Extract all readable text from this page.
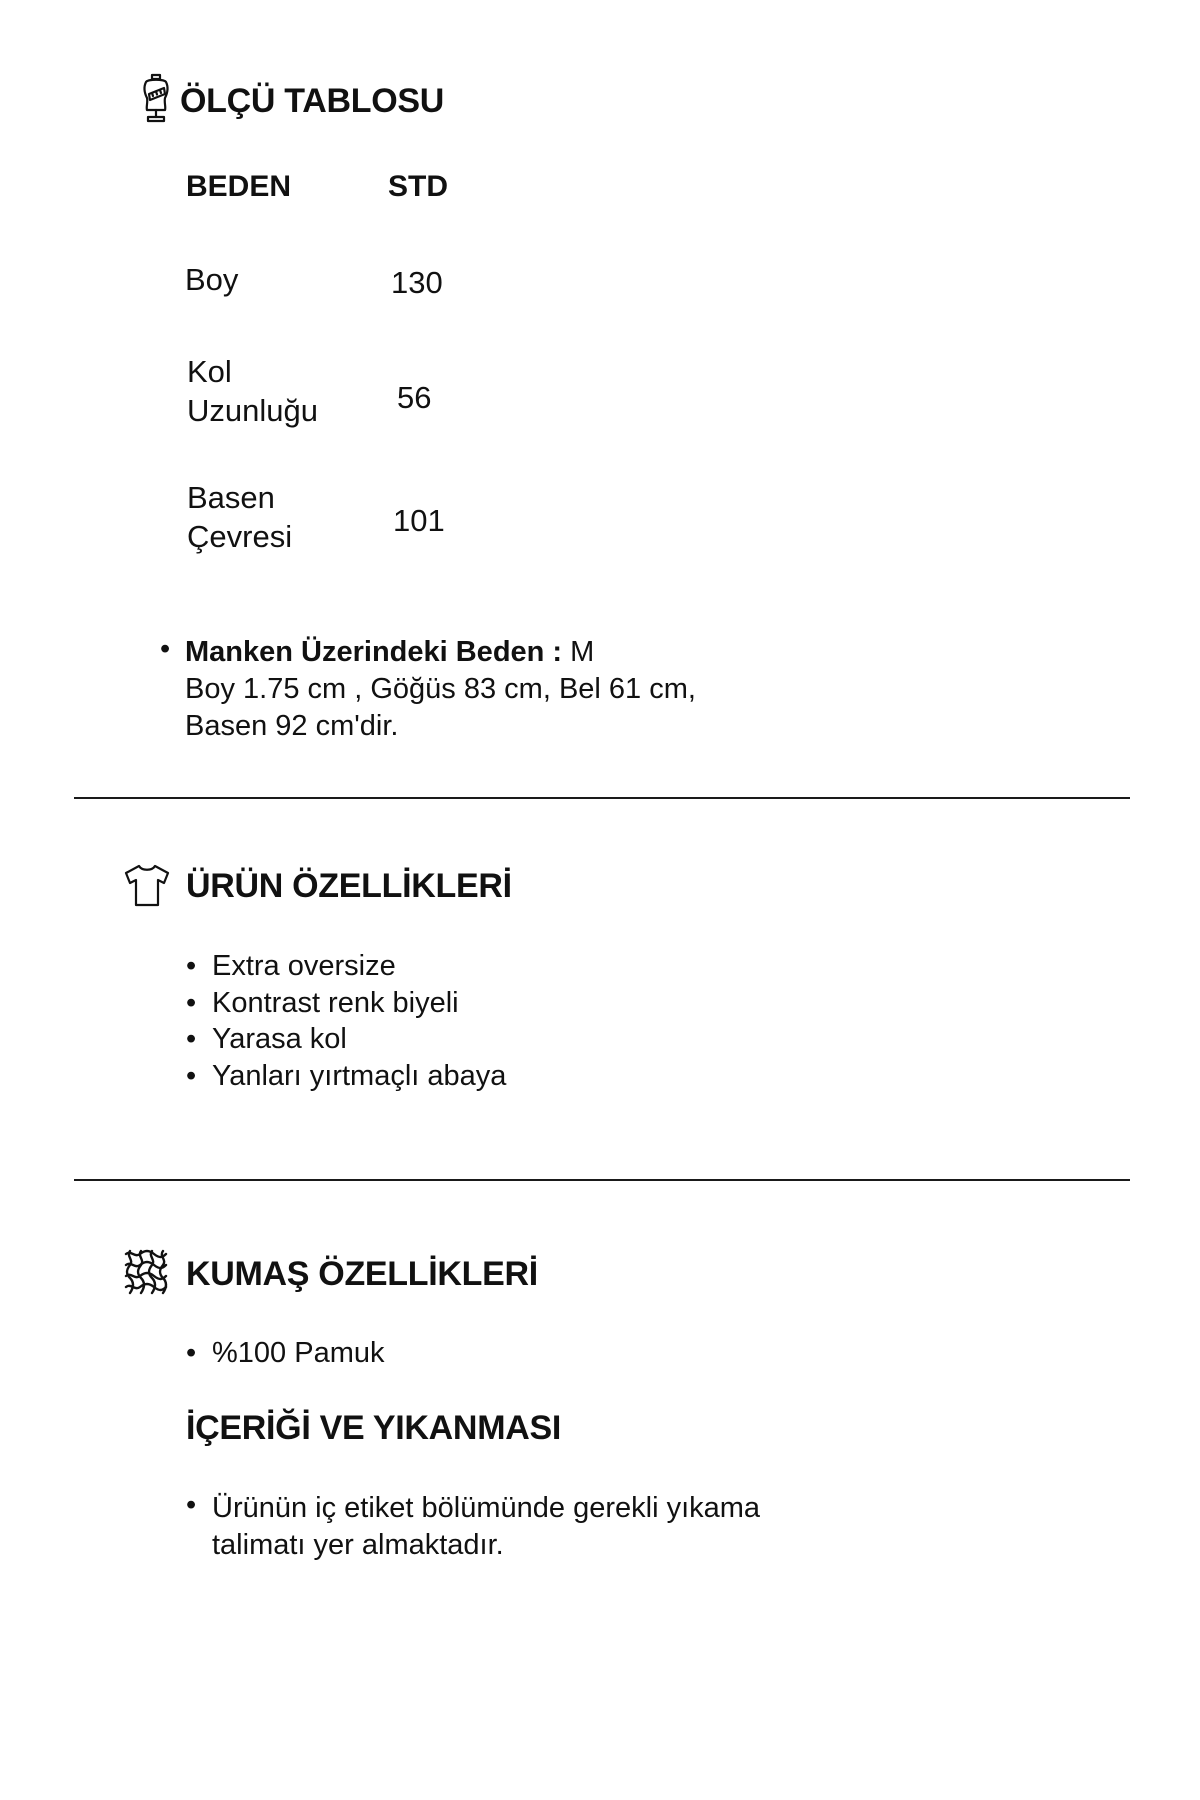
ÖLÇÜ TABLOSU
BEDEN	STD
Boy	130
Kol
Uzunluğu	56
Basen
Çevresi	101
• Manken Üzerindeki Beden : M
Boy 1.75 cm , Göğüs 83 cm, Bel 61 cm,
Basen 92 cm'dir.
ÜRÜN ÖZELLİKLERİ
• Extra oversize
• Kontrast renk biyeli
• Yarasa kol
• Yanları yırtmaçlı abaya
KUMAŞ ÖZELLİKLERİ
• %100 Pamuk
İÇERİĞİ VE YIKANMASI
• Ürünün iç etiket bölümünde gerekli yıkama
talimatı yer almaktadır.
